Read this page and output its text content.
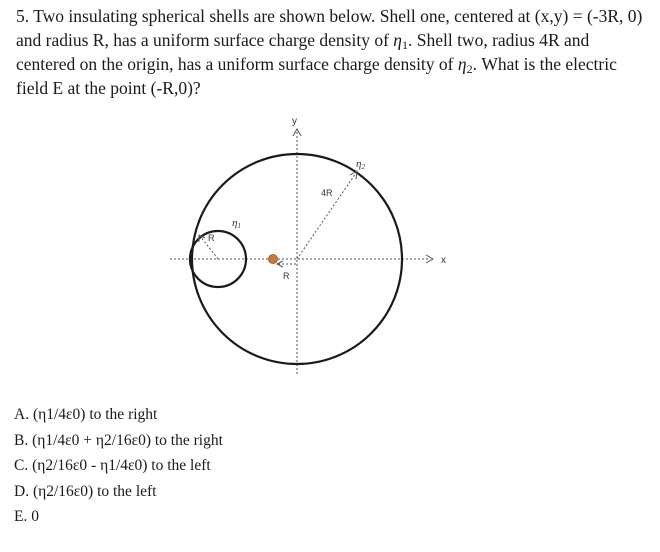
5. Two insulating spherical shells are shown below. Shell one, centered at (x,y) = (-3R, 0) and radius R, has a uniform surface charge density of $\eta_1$. Shell two, radius 4R and centered on the origin, has a uniform surface charge density of $\eta_2$. What is the electric field E at the point (-R,0)?

x
y
4R
η2
R
η1
R
A. (η1/4ε0) to the right
B. (η1/4ε0 + η2/16ε0) to the right
C. (η2/16ε0 - η1/4ε0) to the left
D. (η2/16ε0) to the left
E. 0
